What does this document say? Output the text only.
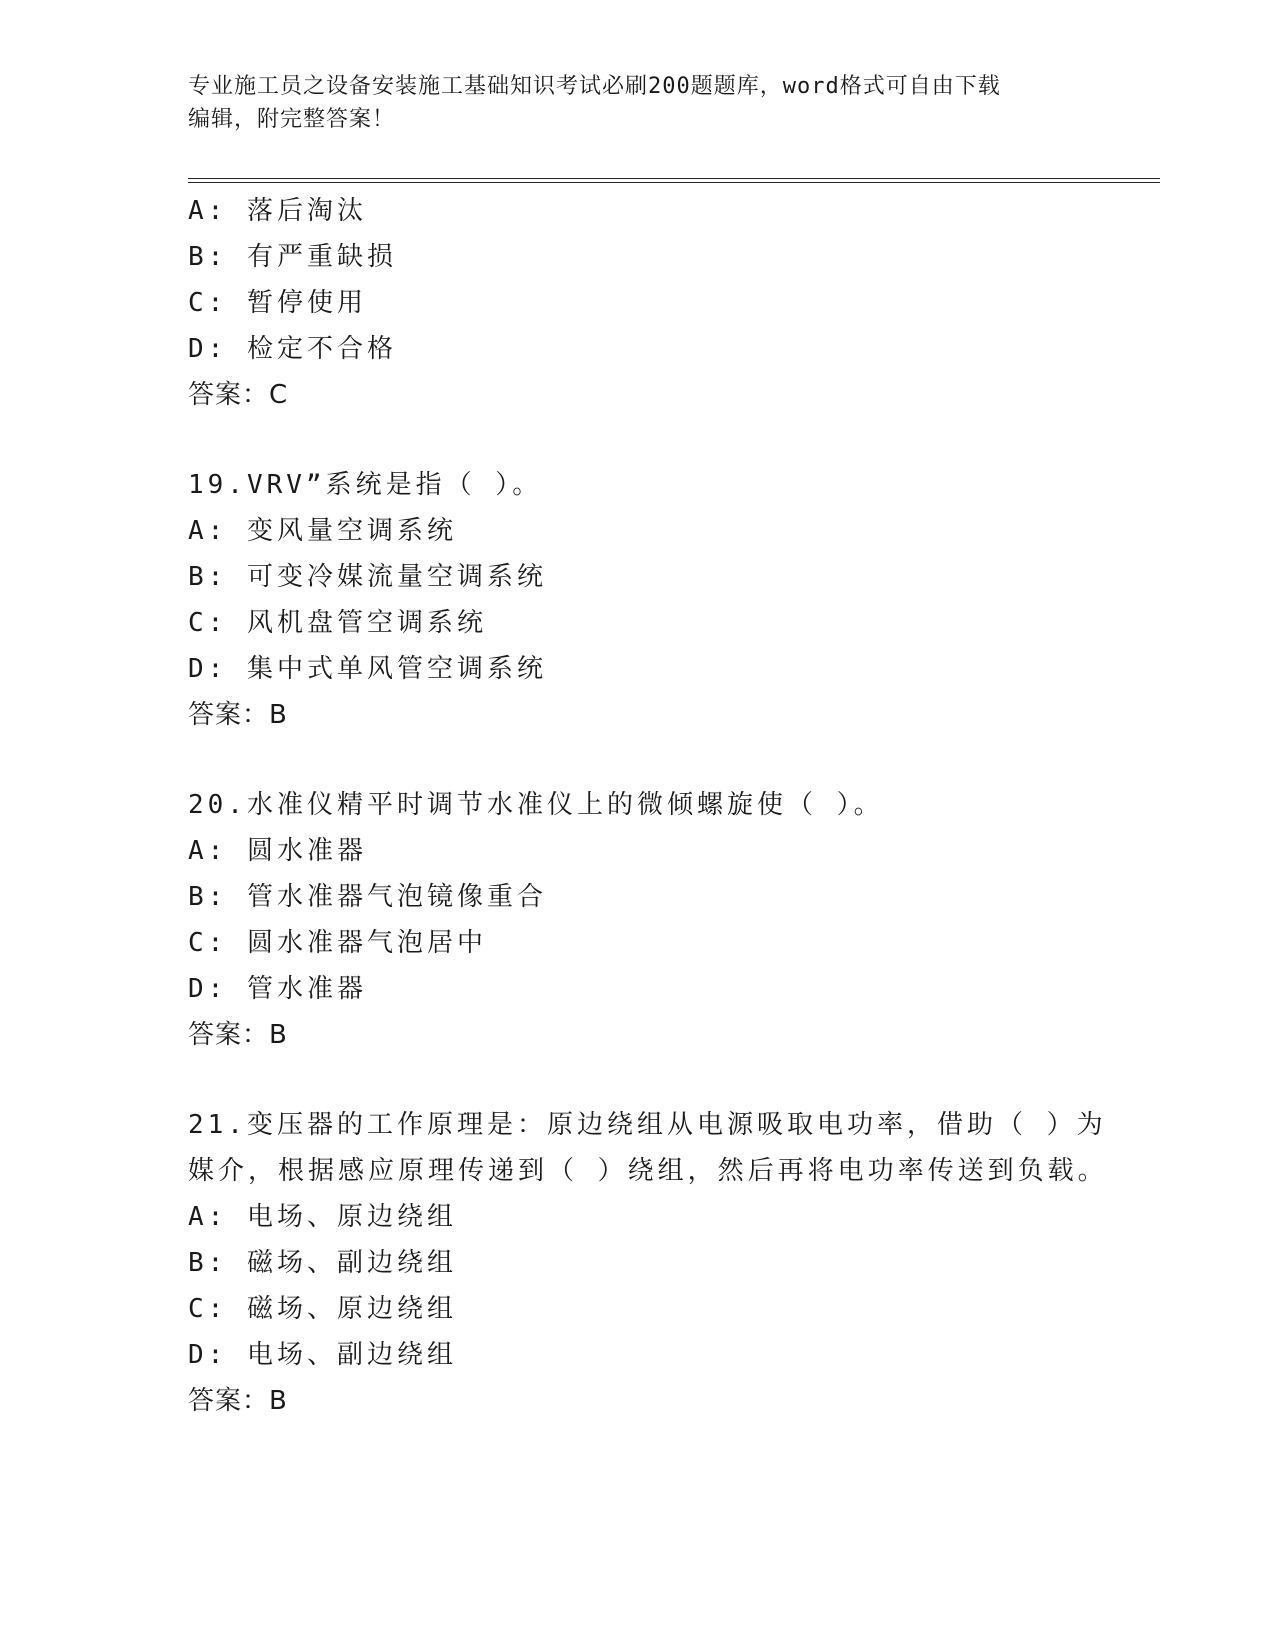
专业施工员之设备安装施工基础知识考试必刷200题题库，word格式可自由下载
编辑，附完整答案！
A: 落后淘汰
B: 有严重缺损
C: 暂停使用
D: 检定不合格
答案：C
19.VRV”系统是指（ ）。
A: 变风量空调系统
B: 可变冷媒流量空调系统
C: 风机盘管空调系统
D: 集中式单风管空调系统
答案：B
20.水准仪精平时调节水准仪上的微倾螺旋使（ ）。
A: 圆水准器
B: 管水准器气泡镜像重合
C: 圆水准器气泡居中
D: 管水准器
答案：B
21.变压器的工作原理是：原边绕组从电源吸取电功率，借助（ ）为
媒介，根据感应原理传递到（ ）绕组，然后再将电功率传送到负载。
A: 电场、原边绕组
B: 磁场、副边绕组
C: 磁场、原边绕组
D: 电场、副边绕组
答案：B
